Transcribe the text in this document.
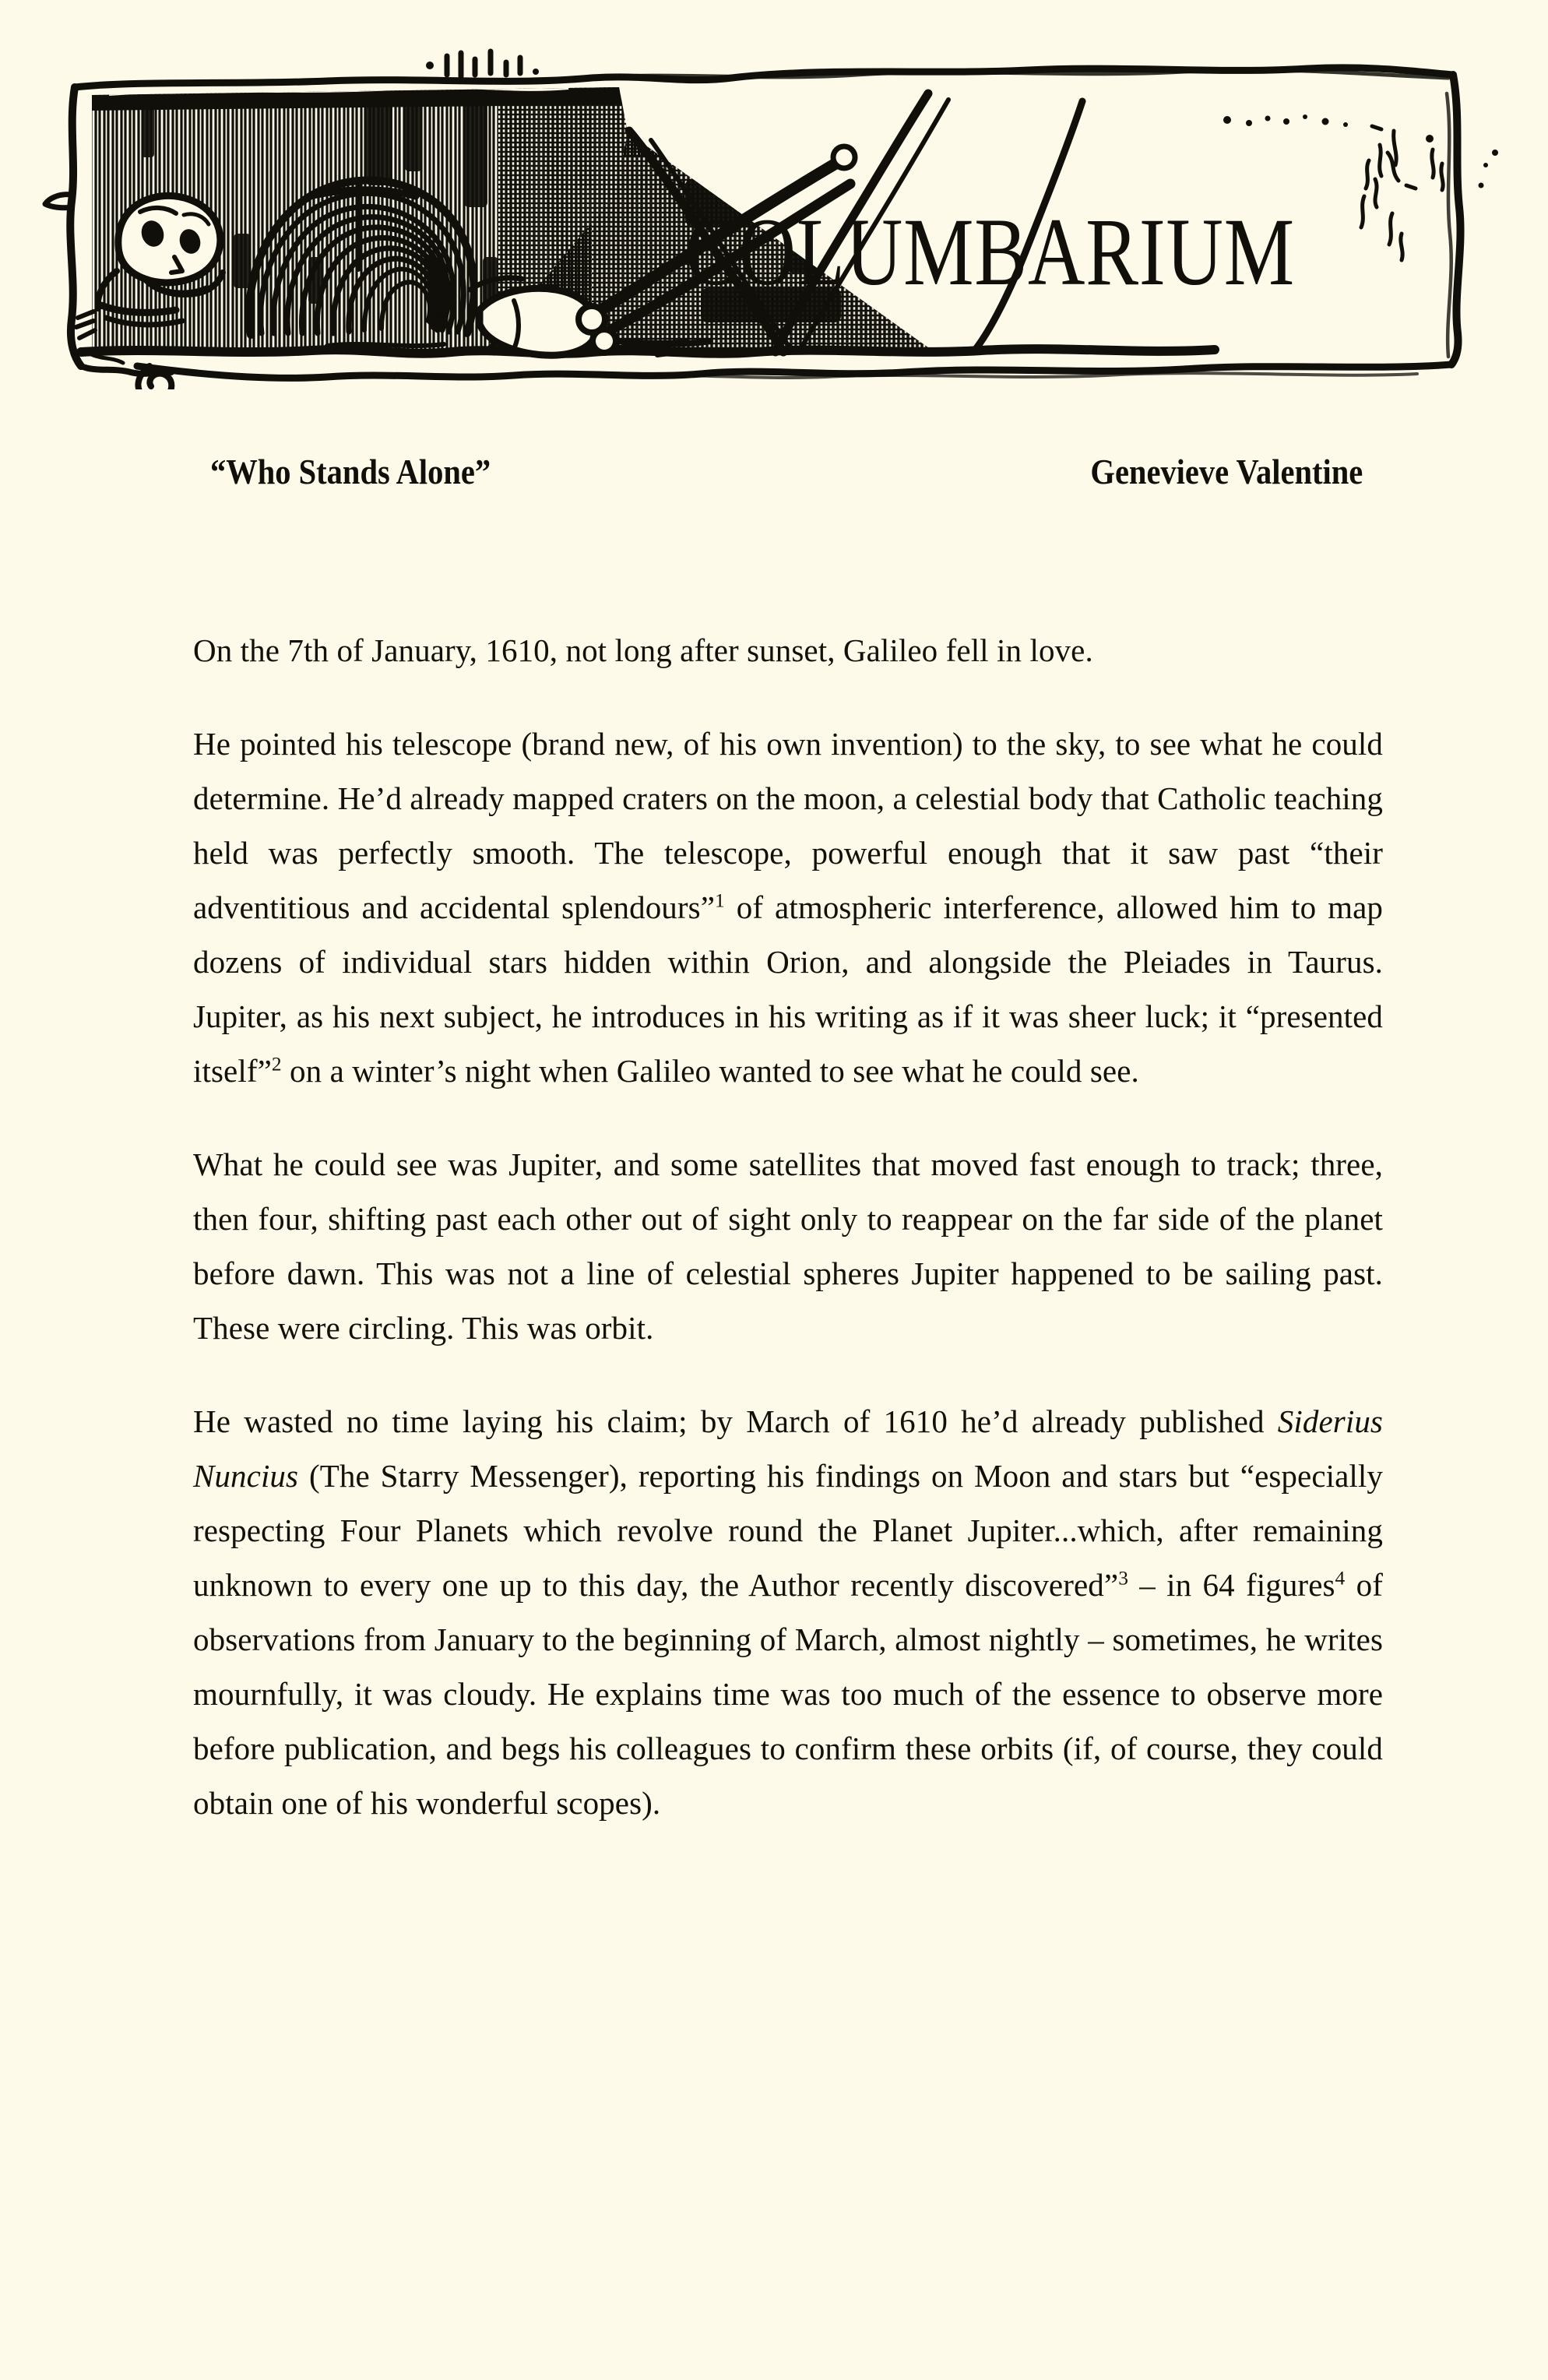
COLUMBARIUM
“Who Stands Alone”	Genevieve Valentine

On the 7th of January, 1610, not long after sunset, Galileo fell in love.

He pointed his telescope (brand new, of his own invention) to the sky, to see what he could determine. He’d already mapped craters on the moon, a celestial body that Catholic teaching held was perfectly smooth. The telescope, powerful enough that it saw past “their adventitious and accidental splendours”$^1$ of atmospheric interference, allowed him to map dozens of individual stars hidden within Orion, and alongside the Pleiades in Taurus. Jupiter, as his next subject, he introduces in his writing as if it was sheer luck; it “presented itself”$^2$ on a winter’s night when Galileo wanted to see what he could see.

What he could see was Jupiter, and some satellites that moved fast enough to track; three, then four, shifting past each other out of sight only to reappear on the far side of the planet before dawn. This was not a line of celestial spheres Jupiter happened to be sailing past. These were circling. This was orbit.

He wasted no time laying his claim; by March of 1610 he’d already published Siderius Nuncius (The Starry Messenger), reporting his findings on Moon and stars but “especially respecting Four Planets which revolve round the Planet Jupiter...which, after remaining unknown to every one up to this day, the Author recently discovered”$^3$ – in 64 figures$^4$ of observations from January to the beginning of March, almost nightly – sometimes, he writes mournfully, it was cloudy. He explains time was too much of the essence to observe more before publication, and begs his colleagues to confirm these orbits (if, of course, they could obtain one of his wonderful scopes).
